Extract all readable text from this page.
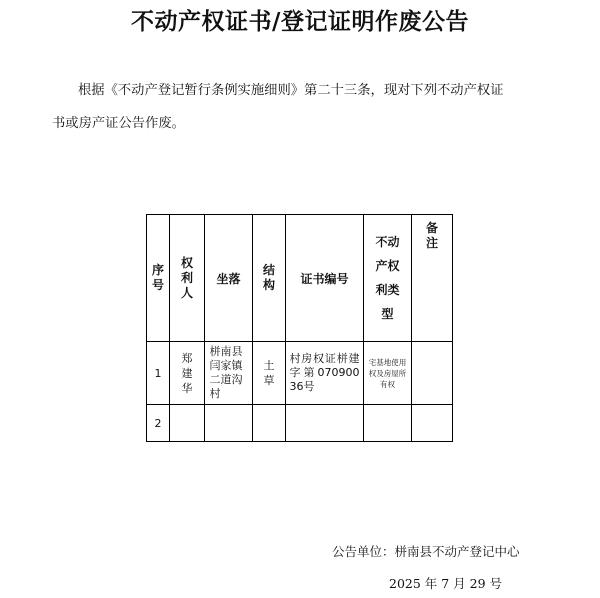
不动产权证书/登记证明作废公告
根据《不动产登记暂行条例实施细则》第二十三条，现对下列不动产权证
书或房产证公告作废。
序号	权利人	坐落	结构	证书编号	不动产权利类型	备注

1	郑建华	栟南县闫家镇二道沟村	土草	村房权证栟建字第07090036号	宅基地使用权及房屋所有权	
2						
公告单位：栟南县不动产登记中心
2025 年 7 月 29 号
